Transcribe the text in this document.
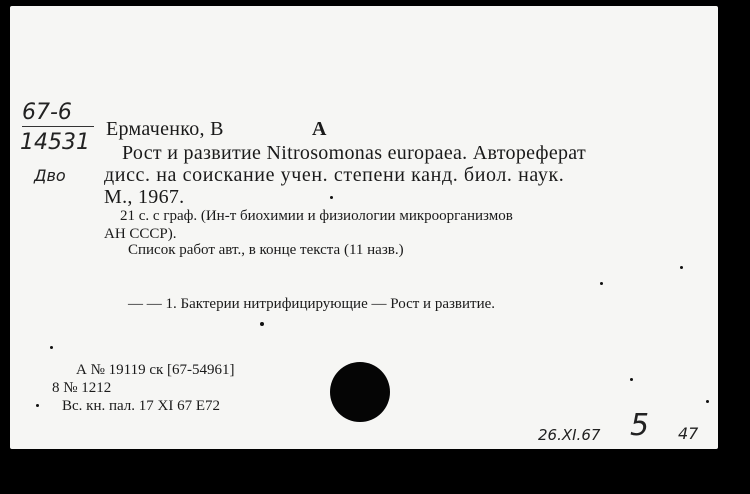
67-6
14531
Дво
Ермаченко, В	А
Рост и развитие Nitrosomonas europaea. Автореферат
дисс. на соискание учен. степени канд. биол. наук.
М., 1967.
21 с. с граф. (Ин-т биохимии и физиологии микроорганизмов
АН СССР).
Список работ авт., в конце текста (11 назв.)
— — 1. Бактерии нитрифицирующие — Рост и развитие.
А № 19119 ск [67-54961]
8 № 1212
Вс. кн. пал. 17 XI 67 Е72
26.XI.67 5 47
